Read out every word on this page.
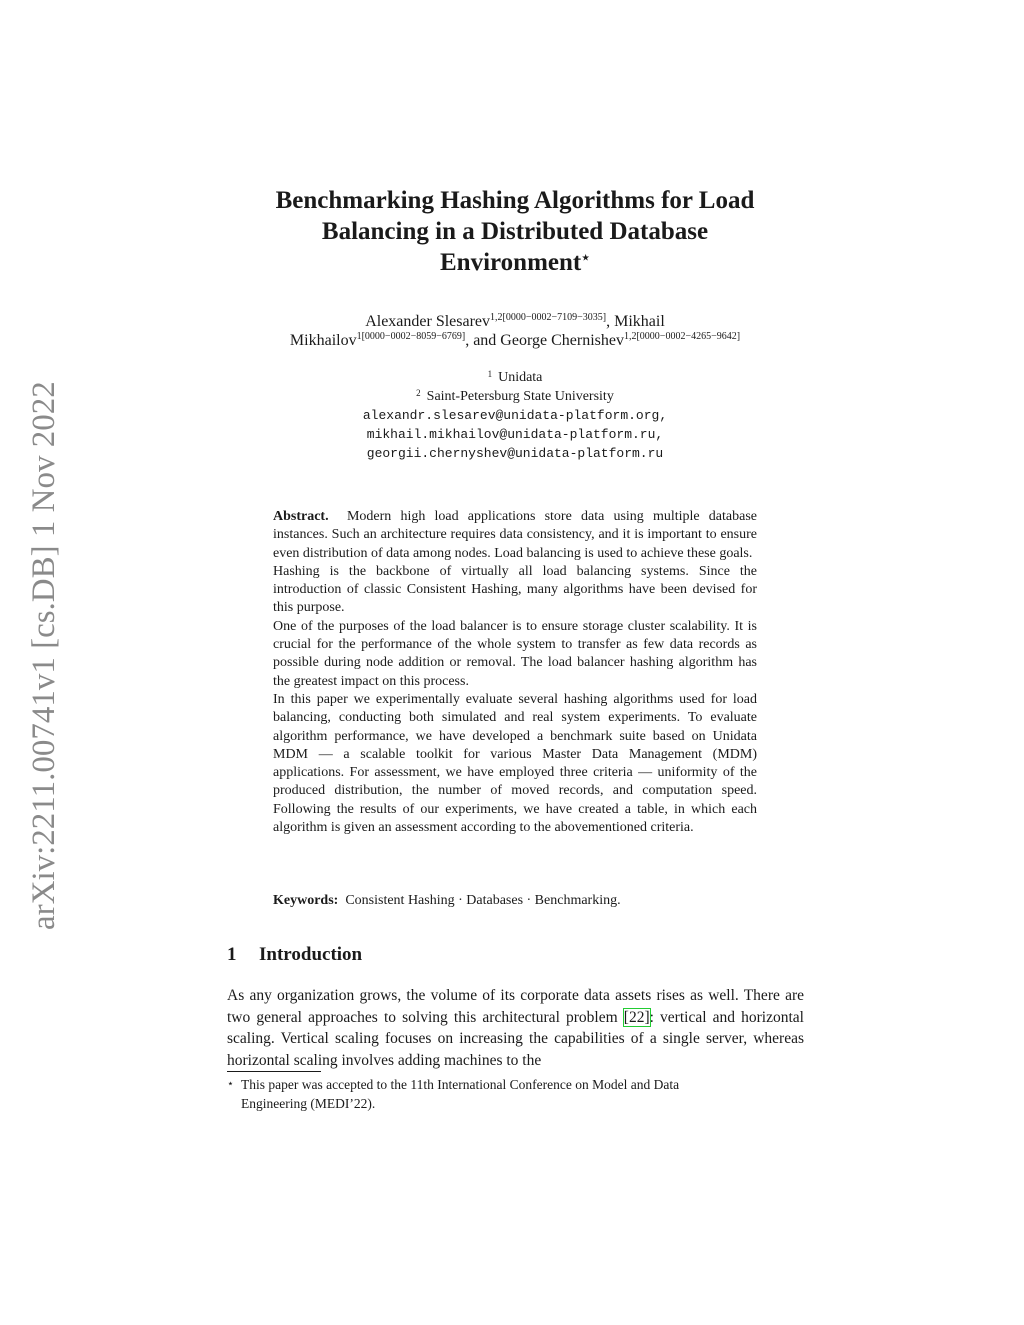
arXiv:2211.00741v1 [cs.DB] 1 Nov 2022
Benchmarking Hashing Algorithms for Load
Balancing in a Distributed Database
Environment⋆
Alexander Slesarev$^{1,2[0000-0002-7109-3035]}$, Mikhail
Mikhailov$^{1[0000-0002-8059-6769]}$, and George Chernishev$^{1,2[0000-0002-4265-9642]}$
$^1$ Unidata
$^2$ Saint-Petersburg State University
alexandr.slesarev@unidata-platform.org,
mikhail.mikhailov@unidata-platform.ru,
georgii.chernyshev@unidata-platform.ru

Abstract. Modern high load applications store data using multiple database instances. Such an architecture requires data consistency, and it is important to ensure even distribution of data among nodes. Load balancing is used to achieve these goals.

Hashing is the backbone of virtually all load balancing systems. Since the introduction of classic Consistent Hashing, many algorithms have been devised for this purpose.

One of the purposes of the load balancer is to ensure storage cluster scalability. It is crucial for the performance of the whole system to transfer as few data records as possible during node addition or removal. The load balancer hashing algorithm has the greatest impact on this process.

In this paper we experimentally evaluate several hashing algorithms used for load balancing, conducting both simulated and real system experiments. To evaluate algorithm performance, we have developed a benchmark suite based on Unidata MDM — a scalable toolkit for various Master Data Management (MDM) applications. For assessment, we have employed three criteria — uniformity of the produced distribution, the number of moved records, and computation speed. Following the results of our experiments, we have created a table, in which each algorithm is given an assessment according to the abovementioned criteria.

Keywords: Consistent Hashing · Databases · Benchmarking.
1 Introduction

As any organization grows, the volume of its corporate data assets rises as well. There are two general approaches to solving this architectural problem [22]: vertical and horizontal scaling. Vertical scaling focuses on increasing the capabilities of a single server, whereas horizontal scaling involves adding machines to the

⋆ This paper was accepted to the 11th International Conference on Model and Data
Engineering (MEDI’22).
